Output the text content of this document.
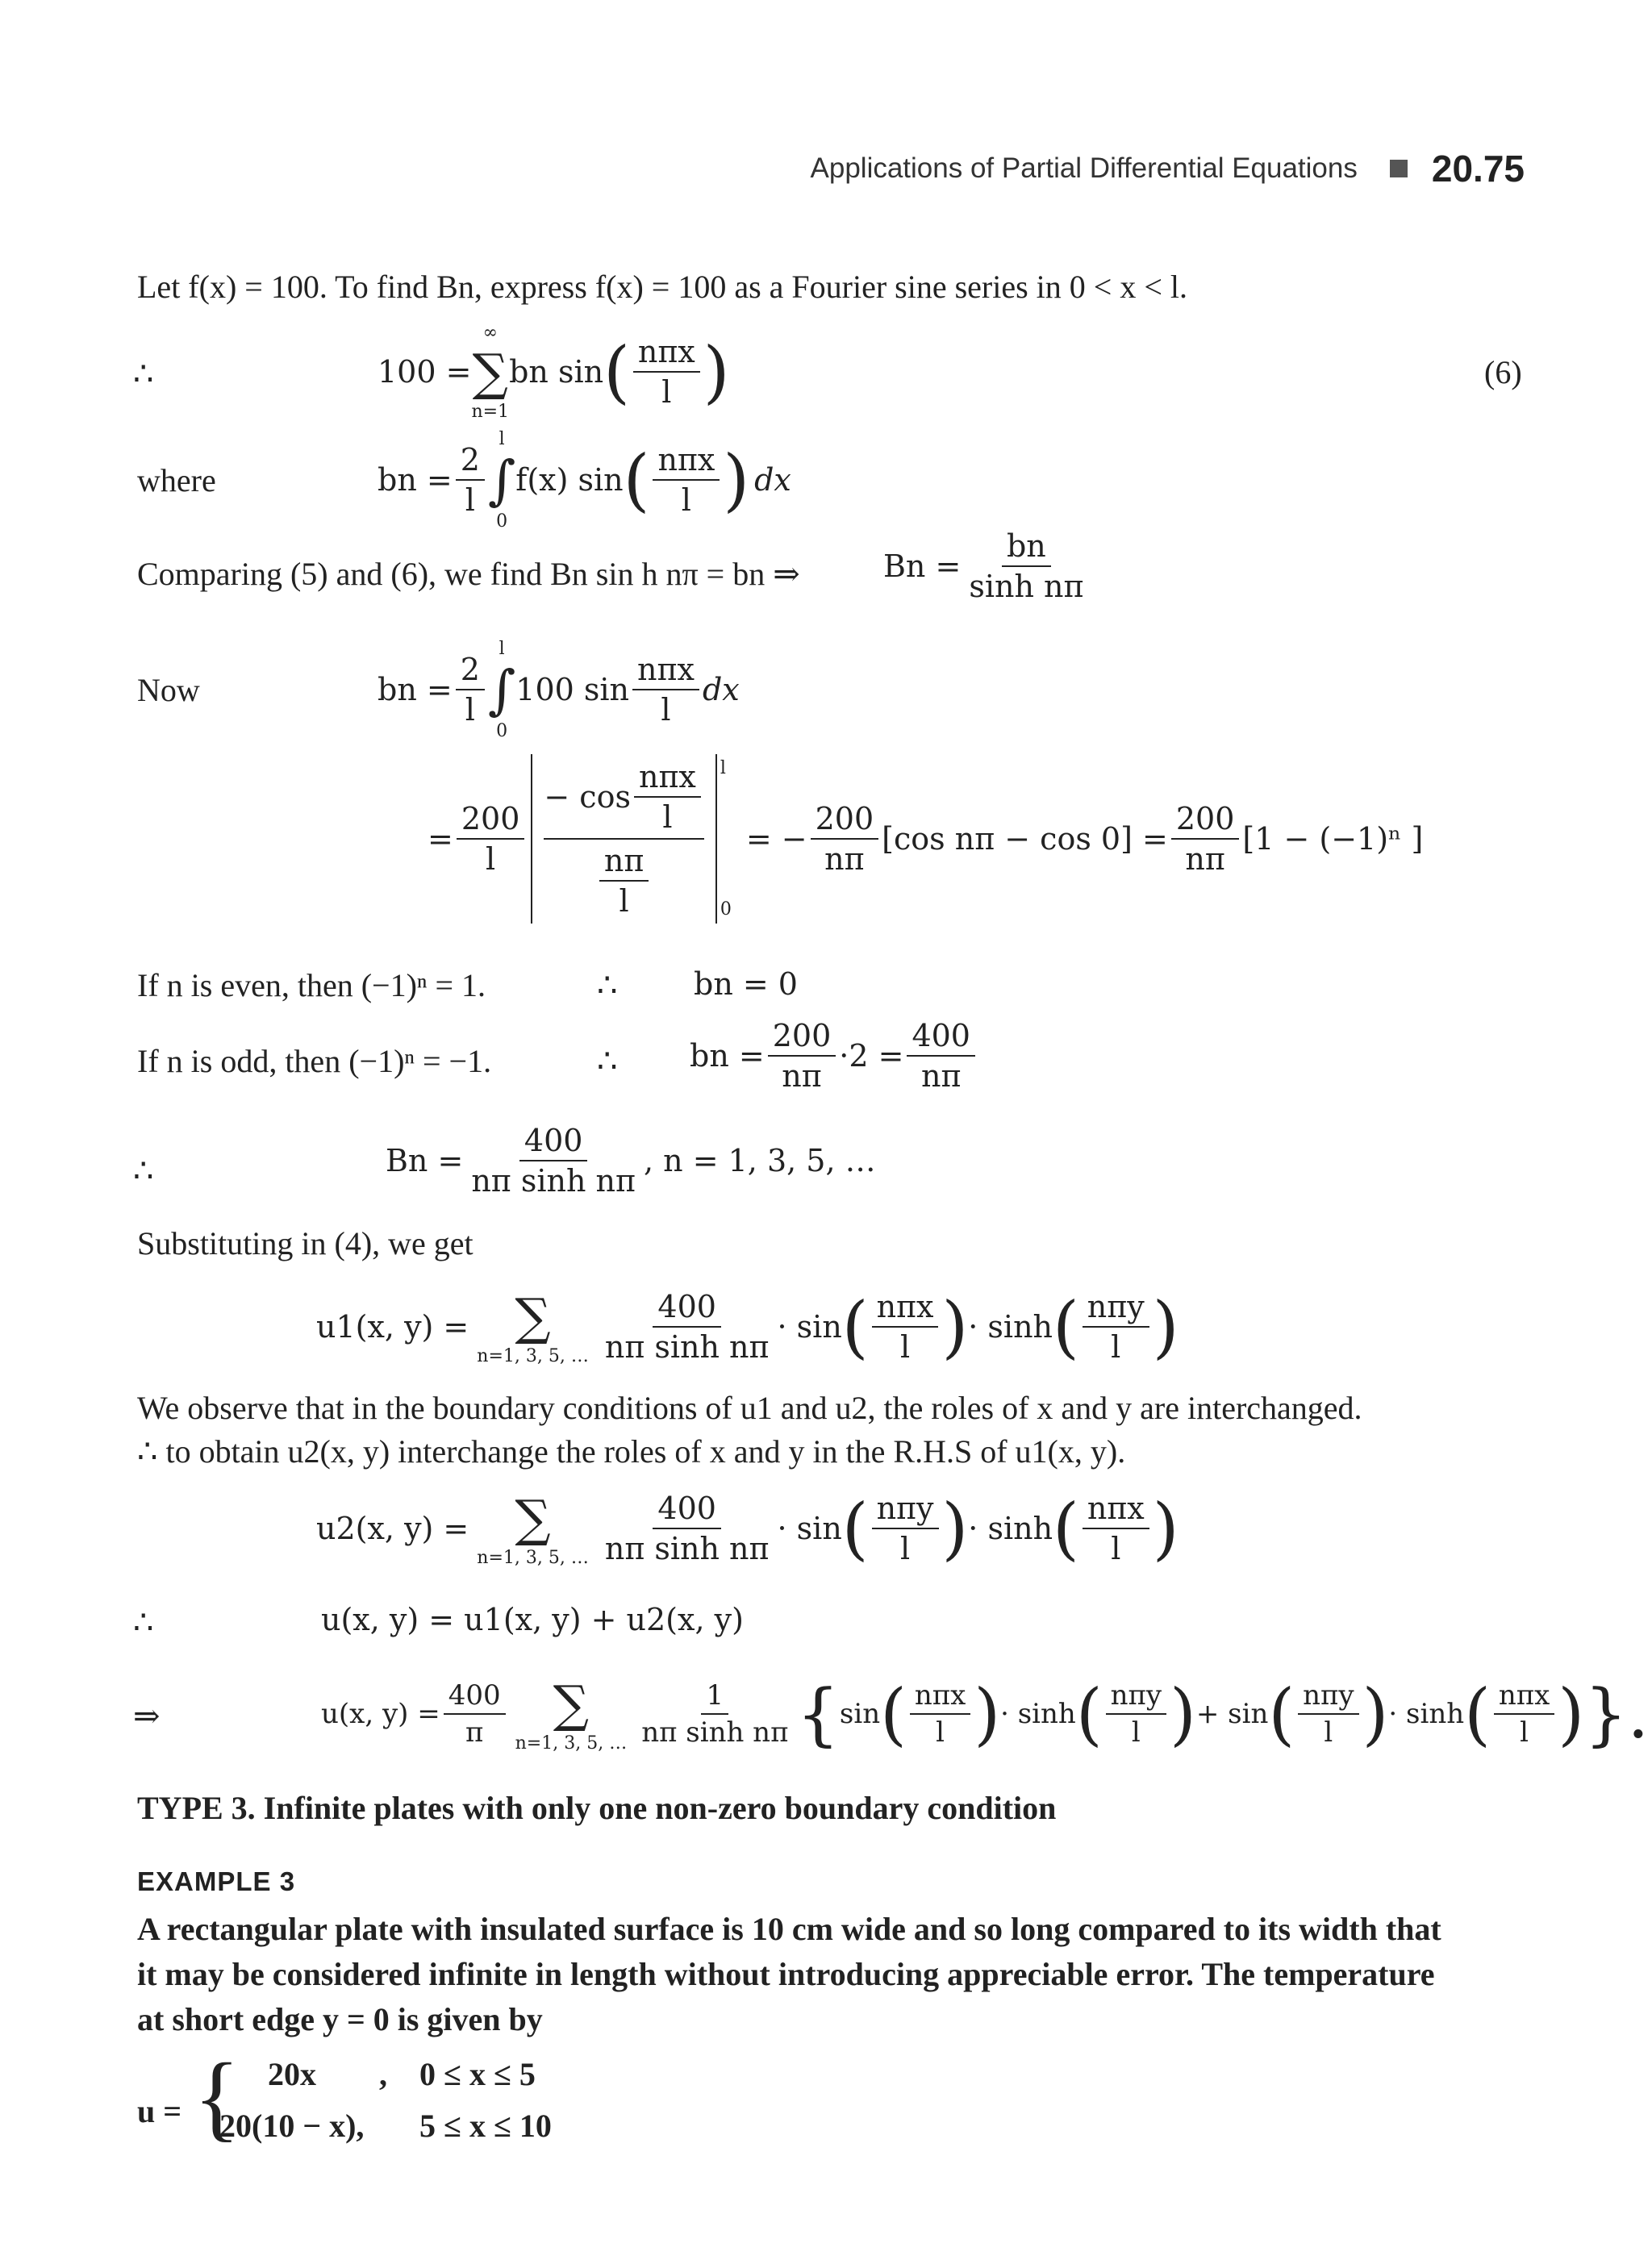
Applications of Partial Differential Equations 20.75
Let f(x) = 100. To find Bn, express f(x) = 100 as a Fourier sine series in 0 < x < l.
∴	100 =
∞
∑
n=1
bn sin ( $\frac{\text{nπx}}{l}$ )	(6)
where	bn = $\frac{2}{l}$
l
∫
0
f(x) sin ( $\frac{\text{nπx}}{l}$ ) dx
Comparing (5) and (6), we find Bn sin h nπ = bn ⇒	$Bn = \frac{bn}{\text{sinh nπ}}$
Now	bn = $\frac{2}{l}$
l
∫
0
100 $\sin \frac{\text{nπx}}{l}$ dx
= $\frac{200}{l}$
− $\cos \frac{\text{nπx}}{l}$
$\frac{n\pi}{l}$
l
0
= − $\frac{200}{n\pi} [\cos$ $n\pi - \cos 0] = \frac{200}{n\pi} [1 - (-1)^n$ ]
If n is even, then (−1)ⁿ = 1.	∴ bn = 0
If n is odd, then (−1)ⁿ = −1.	∴ bn = $\frac{200}{n\pi} \cdot 2 = \frac{400}{n\pi}$
∴	$Bn = \frac{400}{\text{nπ sinh nπ}}$ , n = 1, 3, 5, …
Substituting in (4), we get
u1(x, y) = ∑
n=1, 3, 5, … $\frac{400}{\text{nπ sinh nπ}} \cdot \sin$ ( $\frac{\text{nπx}}{l}$ ) · sinh ( $\frac{\text{nπy}}{l}$ )
We observe that in the boundary conditions of u1 and u2, the roles of x and y are interchanged.
∴ to obtain u2(x, y) interchange the roles of x and y in the R.H.S of u1(x, y).
u2(x, y) = ∑
n=1, 3, 5, … $\frac{400}{\text{nπ sinh nπ}} \cdot \sin$ ( $\frac{\text{nπy}}{l}$ ) · sinh ( $\frac{\text{nπx}}{l}$ )
∴	u(x, y) = u1(x, y) + u2(x, y)
⇒	u(x, $y) = \frac{400}{\pi}$ ∑
n=1, 3, 5, … $\frac{1}{\text{nπ sinh nπ}}$ { sin ( $\frac{\text{nπx}}{l}$ ) · sinh ( $\frac{\text{nπy}}{l}$ ) + sin ( $\frac{\text{nπy}}{l}$ ) · sinh ( $\frac{\text{nπx}}{l}$ ) }.
TYPE 3. Infinite plates with only one non-zero boundary condition
EXAMPLE 3
A rectangular plate with insulated surface is 10 cm wide and so long compared to its width that
it may be considered infinite in length without introducing appreciable error. The temperature
at short edge y = 0 is given by
u = { 20x , 0 ≤ x ≤ 5
20(10 − x), 5 ≤ x ≤ 10
